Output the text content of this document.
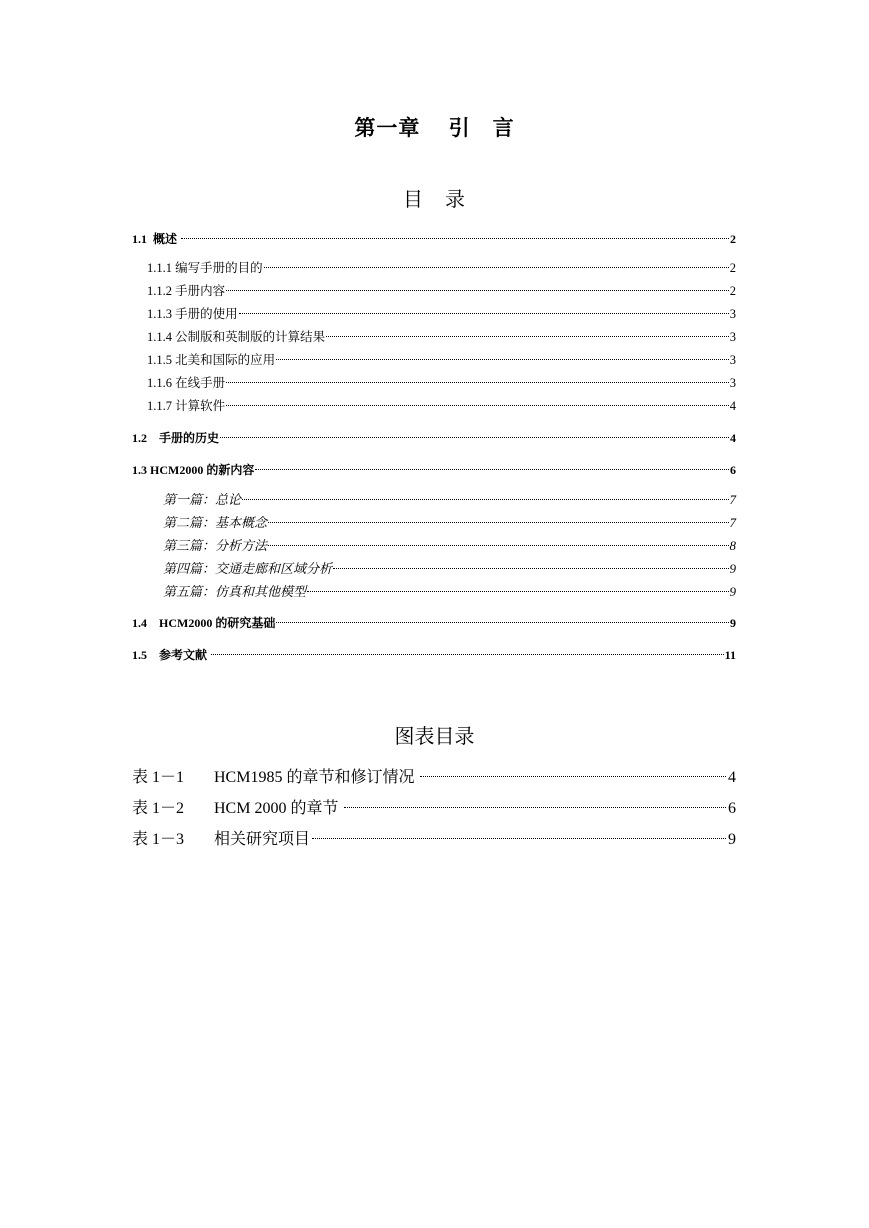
第一章　 引　言
目　录
1.1  概述	2
1.1.1 编写手册的目的	2
1.1.2 手册内容	2
1.1.3 手册的使用	3
1.1.4 公制版和英制版的计算结果	3
1.1.5 北美和国际的应用	3
1.1.6 在线手册	3
1.1.7 计算软件	4
1.2    手册的历史	4
1.3 HCM2000 的新内容	6
第一篇：总论	7
第二篇：基本概念	7
第三篇：分析方法	8
第四篇：交通走廊和区域分析	9
第五篇：仿真和其他模型	9
1.4    HCM2000 的研究基础	9
1.5    参考文献	11
图表目录
表 1－1	HCM1985 的章节和修订情况	4
表 1－2	HCM 2000 的章节	6
表 1－3	相关研究项目	9
